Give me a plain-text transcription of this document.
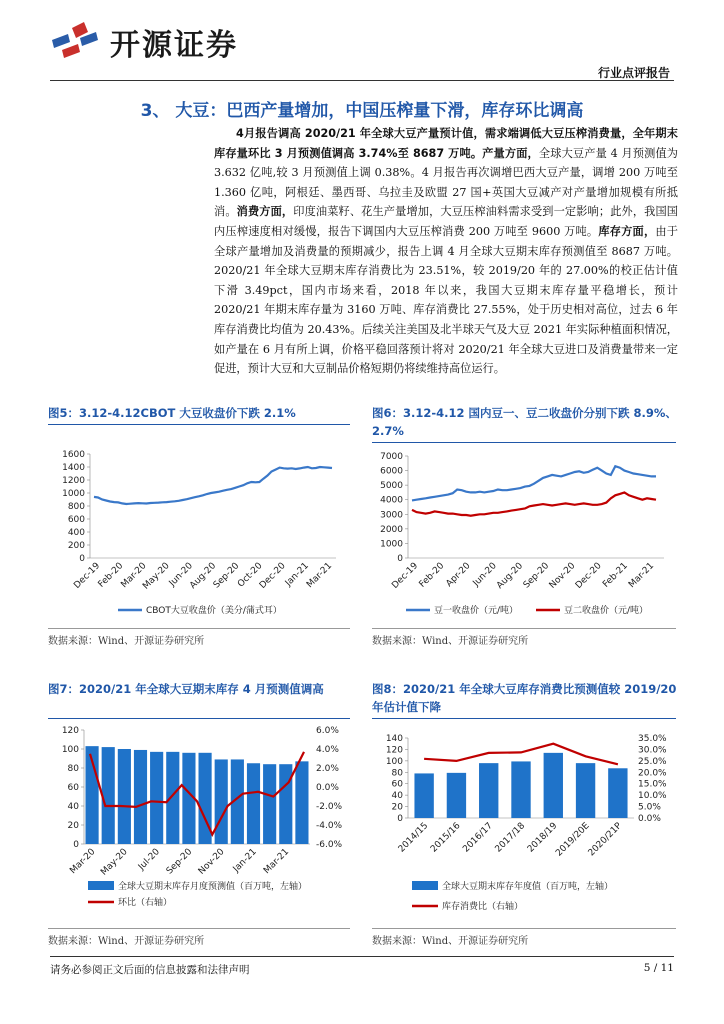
开源证券
行业点评报告
3、 大豆：巴西产量增加，中国压榨量下滑，库存环比调高
4月报告调高 2020/21 年全球大豆产量预计值，需求端调低大豆压榨消费量，全年期末库存量环比 3 月预测值调高 3.74%至 8687 万吨。产量方面，全球大豆产量 4 月预测值为 3.632 亿吨,较 3 月预测值上调 0.38%。4 月报告再次调增巴西大豆产量，调增 200 万吨至 1.360 亿吨，阿根廷、墨西哥、乌拉圭及欧盟 27 国+英国大豆减产对产量增加规模有所抵消。消费方面，印度油菜籽、花生产量增加，大豆压榨油料需求受到一定影响；此外，我国国内压榨速度相对缓慢，报告下调国内大豆压榨消费 200 万吨至 9600 万吨。库存方面，由于全球产量增加及消费量的预期减少，报告上调 4 月全球大豆期末库存预测值至 8687 万吨。2020/21 年全球大豆期末库存消费比为 23.51%，较 2019/20 年的 27.00%的校正估计值下滑 3.49pct，国内市场来看，2018 年以来，我国大豆期末库存量平稳增长，预计 2020/21 年期末库存量为 3160 万吨、库存消费比 27.55%，处于历史相对高位，过去 6 年库存消费比均值为 20.43%。后续关注美国及北半球天气及大豆 2021 年实际种植面积情况，如产量在 6 月有所上调，价格平稳回落预计将对 2020/21 年全球大豆进口及消费量带来一定促进，预计大豆和大豆制品价格短期仍将续维持高位运行。
图5：3.12-4.12CBOT 大豆收盘价下跌 2.1%
0
200
400
600
800
1000
1200
1400
1600
Dec-19
Feb-20
Mar-20
May-20
Jun-20
Aug-20
Sep-20
Oct-20
Dec-20
Jan-21
Mar-21
CBOT大豆收盘价（美分/蒲式耳）
数据来源：Wind、开源证券研究所
图6：3.12-4.12 国内豆一、豆二收盘价分别下跌 8.9%、2.7%
0
1000
2000
3000
4000
5000
6000
7000
Dec-19
Feb-20
Apr-20
Jun-20
Aug-20
Sep-20
Nov-20
Dec-20
Feb-21
Mar-21
豆一收盘价（元/吨）	豆二收盘价（元/吨）
数据来源：Wind、开源证券研究所
图7：2020/21 年全球大豆期末库存 4 月预测值调高
0
20
40
60
80
100
120	6.0%
4.0%
2.0%
0.0%
-2.0%
-4.0%
-6.0%
Mar-20 May-20 Jul-20 Sep-20 Nov-20 Jan-21 Mar-21
全球大豆期末库存月度预测值（百万吨，左轴）
环比（右轴）
数据来源：Wind、开源证券研究所
图8：2020/21 年全球大豆库存消费比预测值较 2019/20 年估计值下降
0
20
40
60
80
100
120
140
0.0%
5.0%
10.0%
15.0%
20.0%
25.0%
30.0%
35.0%
2014/15
2015/16
2016/17
2017/18
2018/19
2019/20E
2020/21P
全球大豆期末库存年度值（百万吨，左轴）
库存消费比（右轴）
数据来源：Wind、开源证券研究所
请务必参阅正文后面的信息披露和法律声明	5 / 11
